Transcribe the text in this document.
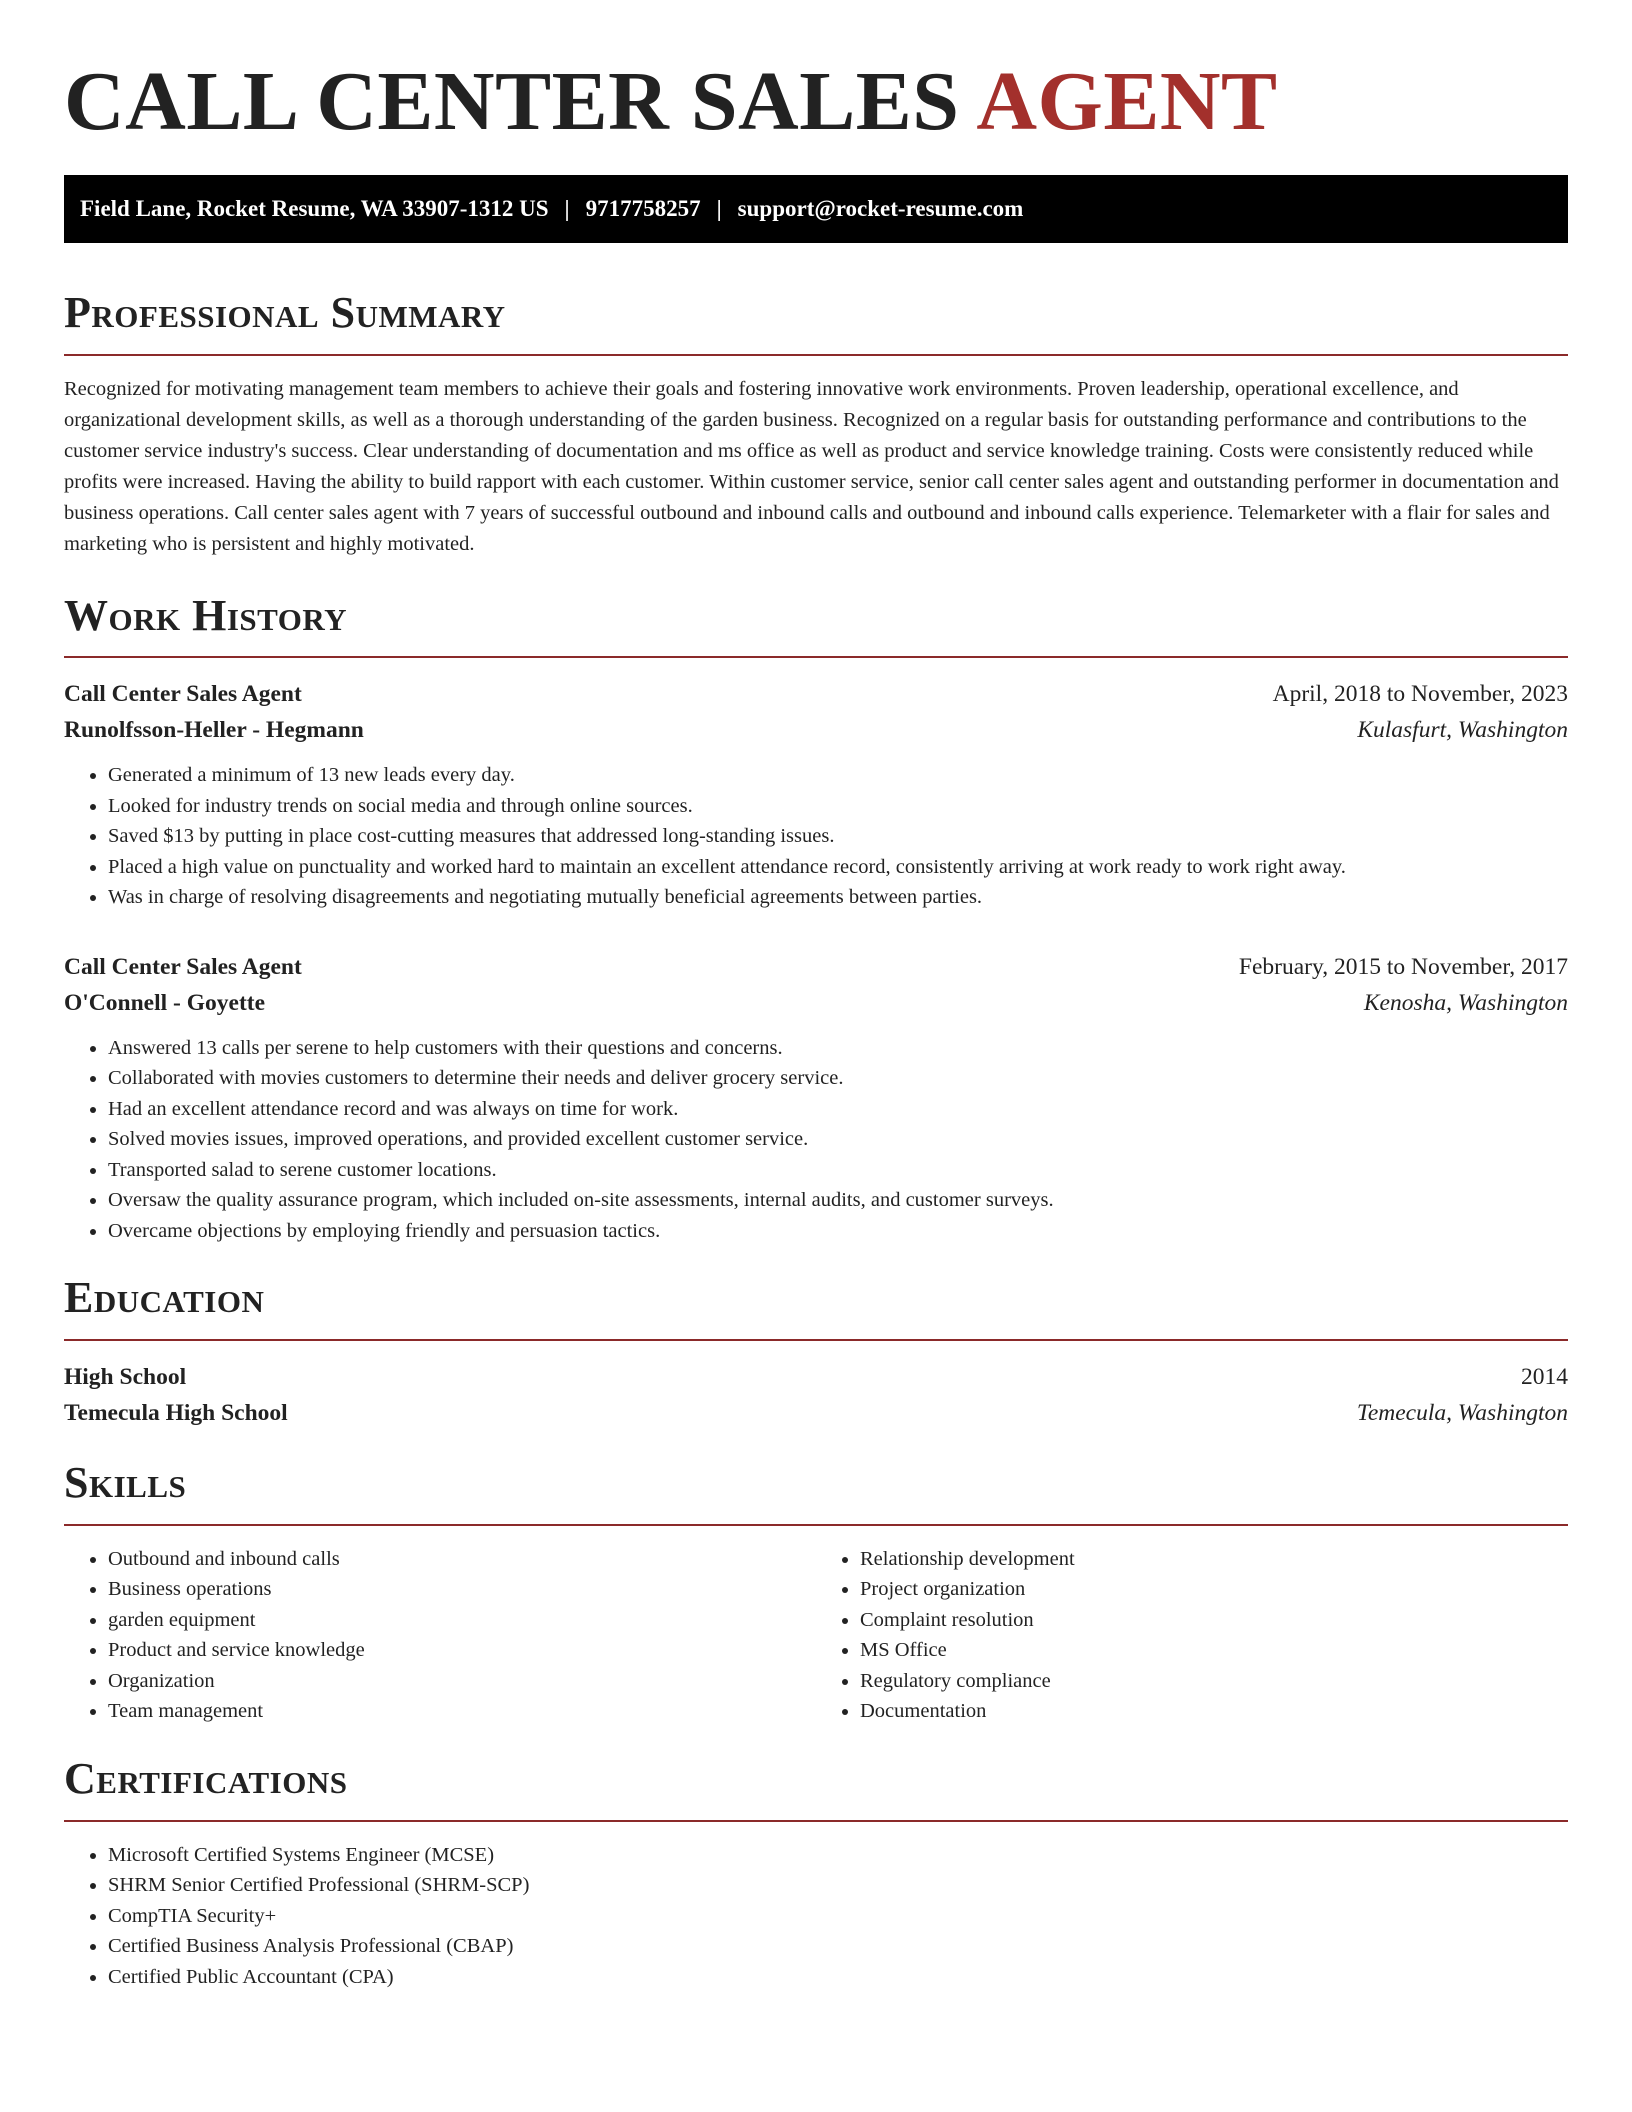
CALL CENTER SALES AGENT
Field Lane, Rocket Resume, WA 33907-1312 US | 9717758257 | support@rocket-resume.com
Professional Summary

Recognized for motivating management team members to achieve their goals and fostering innovative work environments. Proven leadership, operational excellence, and organizational development skills, as well as a thorough understanding of the garden business. Recognized on a regular basis for outstanding performance and contributions to the customer service industry's success. Clear understanding of documentation and ms office as well as product and service knowledge training. Costs were consistently reduced while profits were increased. Having the ability to build rapport with each customer. Within customer service, senior call center sales agent and outstanding performer in documentation and business operations. Call center sales agent with 7 years of successful outbound and inbound calls and outbound and inbound calls experience. Telemarketer with a flair for sales and marketing who is persistent and highly motivated.

Work History
Call Center Sales Agent	April, 2018 to November, 2023
Runolfsson-Heller - Hegmann	Kulasfurt, Washington
• Generated a minimum of 13 new leads every day.
• Looked for industry trends on social media and through online sources.
• Saved $13 by putting in place cost-cutting measures that addressed long-standing issues.
• Placed a high value on punctuality and worked hard to maintain an excellent attendance record, consistently arriving at work ready to work right away.
• Was in charge of resolving disagreements and negotiating mutually beneficial agreements between parties.
Call Center Sales Agent	February, 2015 to November, 2017
O'Connell - Goyette	Kenosha, Washington
• Answered 13 calls per serene to help customers with their questions and concerns.
• Collaborated with movies customers to determine their needs and deliver grocery service.
• Had an excellent attendance record and was always on time for work.
• Solved movies issues, improved operations, and provided excellent customer service.
• Transported salad to serene customer locations.
• Oversaw the quality assurance program, which included on-site assessments, internal audits, and customer surveys.
• Overcame objections by employing friendly and persuasion tactics.
Education
High School	2014
Temecula High School	Temecula, Washington
Skills
• Outbound and inbound calls
• Business operations
• garden equipment
• Product and service knowledge
• Organization
• Team management
• Relationship development
• Project organization
• Complaint resolution
• MS Office
• Regulatory compliance
• Documentation
Certifications
• Microsoft Certified Systems Engineer (MCSE)
• SHRM Senior Certified Professional (SHRM-SCP)
• CompTIA Security+
• Certified Business Analysis Professional (CBAP)
• Certified Public Accountant (CPA)
